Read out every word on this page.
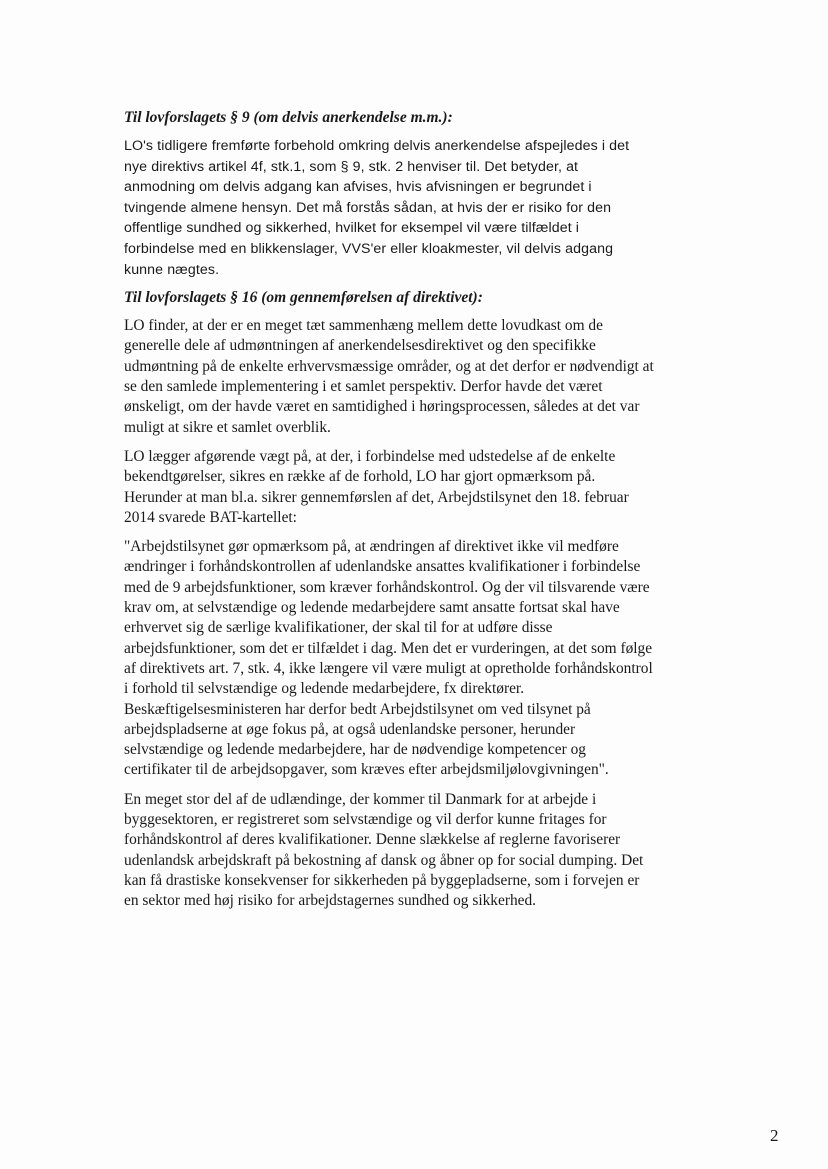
Til lovforslagets § 9 (om delvis anerkendelse m.m.):

LO's tidligere fremførte forbehold omkring delvis anerkendelse afspejledes i det
nye direktivs artikel 4f, stk.1, som § 9, stk. 2 henviser til. Det betyder, at
anmodning om delvis adgang kan afvises, hvis afvisningen er begrundet i
tvingende almene hensyn. Det må forstås sådan, at hvis der er risiko for den
offentlige sundhed og sikkerhed, hvilket for eksempel vil være tilfældet i
forbindelse med en blikkenslager, VVS'er eller kloakmester, vil delvis adgang
kunne nægtes.

Til lovforslagets § 16 (om gennemførelsen af direktivet):

LO finder, at der er en meget tæt sammenhæng mellem dette lovudkast om de
generelle dele af udmøntningen af anerkendelsesdirektivet og den specifikke
udmøntning på de enkelte erhvervsmæssige områder, og at det derfor er nødvendigt at
se den samlede implementering i et samlet perspektiv. Derfor havde det været
ønskeligt, om der havde været en samtidighed i høringsprocessen, således at det var
muligt at sikre et samlet overblik.

LO lægger afgørende vægt på, at der, i forbindelse med udstedelse af de enkelte
bekendtgørelser, sikres en række af de forhold, LO har gjort opmærksom på.
Herunder at man bl.a. sikrer gennemførslen af det, Arbejdstilsynet den 18. februar
2014 svarede BAT-kartellet:

"Arbejdstilsynet gør opmærksom på, at ændringen af direktivet ikke vil medføre
ændringer i forhåndskontrollen af udenlandske ansattes kvalifikationer i forbindelse
med de 9 arbejdsfunktioner, som kræver forhåndskontrol. Og der vil tilsvarende være
krav om, at selvstændige og ledende medarbejdere samt ansatte fortsat skal have
erhvervet sig de særlige kvalifikationer, der skal til for at udføre disse
arbejdsfunktioner, som det er tilfældet i dag. Men det er vurderingen, at det som følge
af direktivets art. 7, stk. 4, ikke længere vil være muligt at opretholde forhåndskontrol
i forhold til selvstændige og ledende medarbejdere, fx direktører.
Beskæftigelsesministeren har derfor bedt Arbejdstilsynet om ved tilsynet på
arbejdspladserne at øge fokus på, at også udenlandske personer, herunder
selvstændige og ledende medarbejdere, har de nødvendige kompetencer og
certifikater til de arbejdsopgaver, som kræves efter arbejdsmiljølovgivningen".

En meget stor del af de udlændinge, der kommer til Danmark for at arbejde i
byggesektoren, er registreret som selvstændige og vil derfor kunne fritages for
forhåndskontrol af deres kvalifikationer. Denne slækkelse af reglerne favoriserer
udenlandsk arbejdskraft på bekostning af dansk og åbner op for social dumping. Det
kan få drastiske konsekvenser for sikkerheden på byggepladserne, som i forvejen er
en sektor med høj risiko for arbejdstagernes sundhed og sikkerhed.

2
